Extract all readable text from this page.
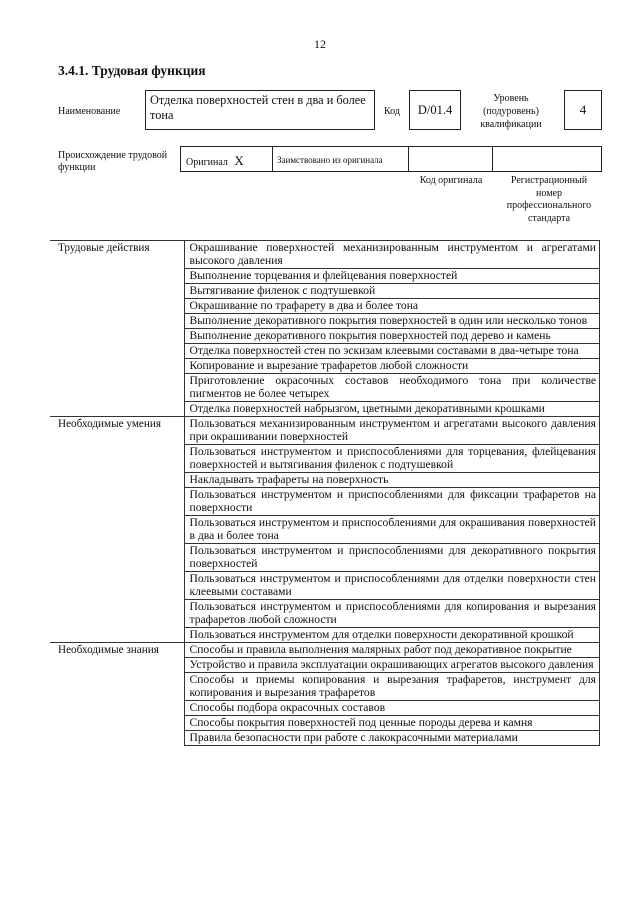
12
3.4.1. Трудовая функция
Наименование
Отделка поверхностей стен в два и более тона	Код	D/01.4
Уровень (подуровень) квалификации
4
Происхождение трудовой функции	Оригинал X	Заимствовано из оригинала
Код оригинала	Регистрационный номер профессионального стандарта
Трудовые действия	Окрашивание поверхностей механизированным инструментом и агрегатами высокого давления
	Выполнение торцевания и флейцевания поверхностей
	Вытягивание филенок с подтушевкой
	Окрашивание по трафарету в два и более тона
	Выполнение декоративного покрытия поверхностей в один или несколько тонов
	Выполнение декоративного покрытия поверхностей под дерево и камень
	Отделка поверхностей стен по эскизам клеевыми составами в два-четыре тона
	Копирование и вырезание трафаретов любой сложности
	Приготовление окрасочных составов необходимого тона при количестве пигментов не более четырех
	Отделка поверхностей набрызгом, цветными декоративными крошками
Необходимые умения	Пользоваться механизированным инструментом и агрегатами высокого давления при окрашивании поверхностей
	Пользоваться инструментом и приспособлениями для торцевания, флейцевания поверхностей и вытягивания филенок с подтушевкой
	Накладывать трафареты на поверхность
	Пользоваться инструментом и приспособлениями для фиксации трафаретов на поверхности
	Пользоваться инструментом и приспособлениями для окрашивания поверхностей в два и более тона
	Пользоваться инструментом и приспособлениями для декоративного покрытия поверхностей
	Пользоваться инструментом и приспособлениями для отделки поверхности стен клеевыми составами
	Пользоваться инструментом и приспособлениями для копирования и вырезания трафаретов любой сложности
	Пользоваться инструментом для отделки поверхности декоративной крошкой
Необходимые знания	Способы и правила выполнения малярных работ под декоративное покрытие
	Устройство и правила эксплуатации окрашивающих агрегатов высокого давления
	Способы и приемы копирования и вырезания трафаретов, инструмент для копирования и вырезания трафаретов
	Способы подбора окрасочных составов
	Способы покрытия поверхностей под ценные породы дерева и камня
	Правила безопасности при работе с лакокрасочными материалами
